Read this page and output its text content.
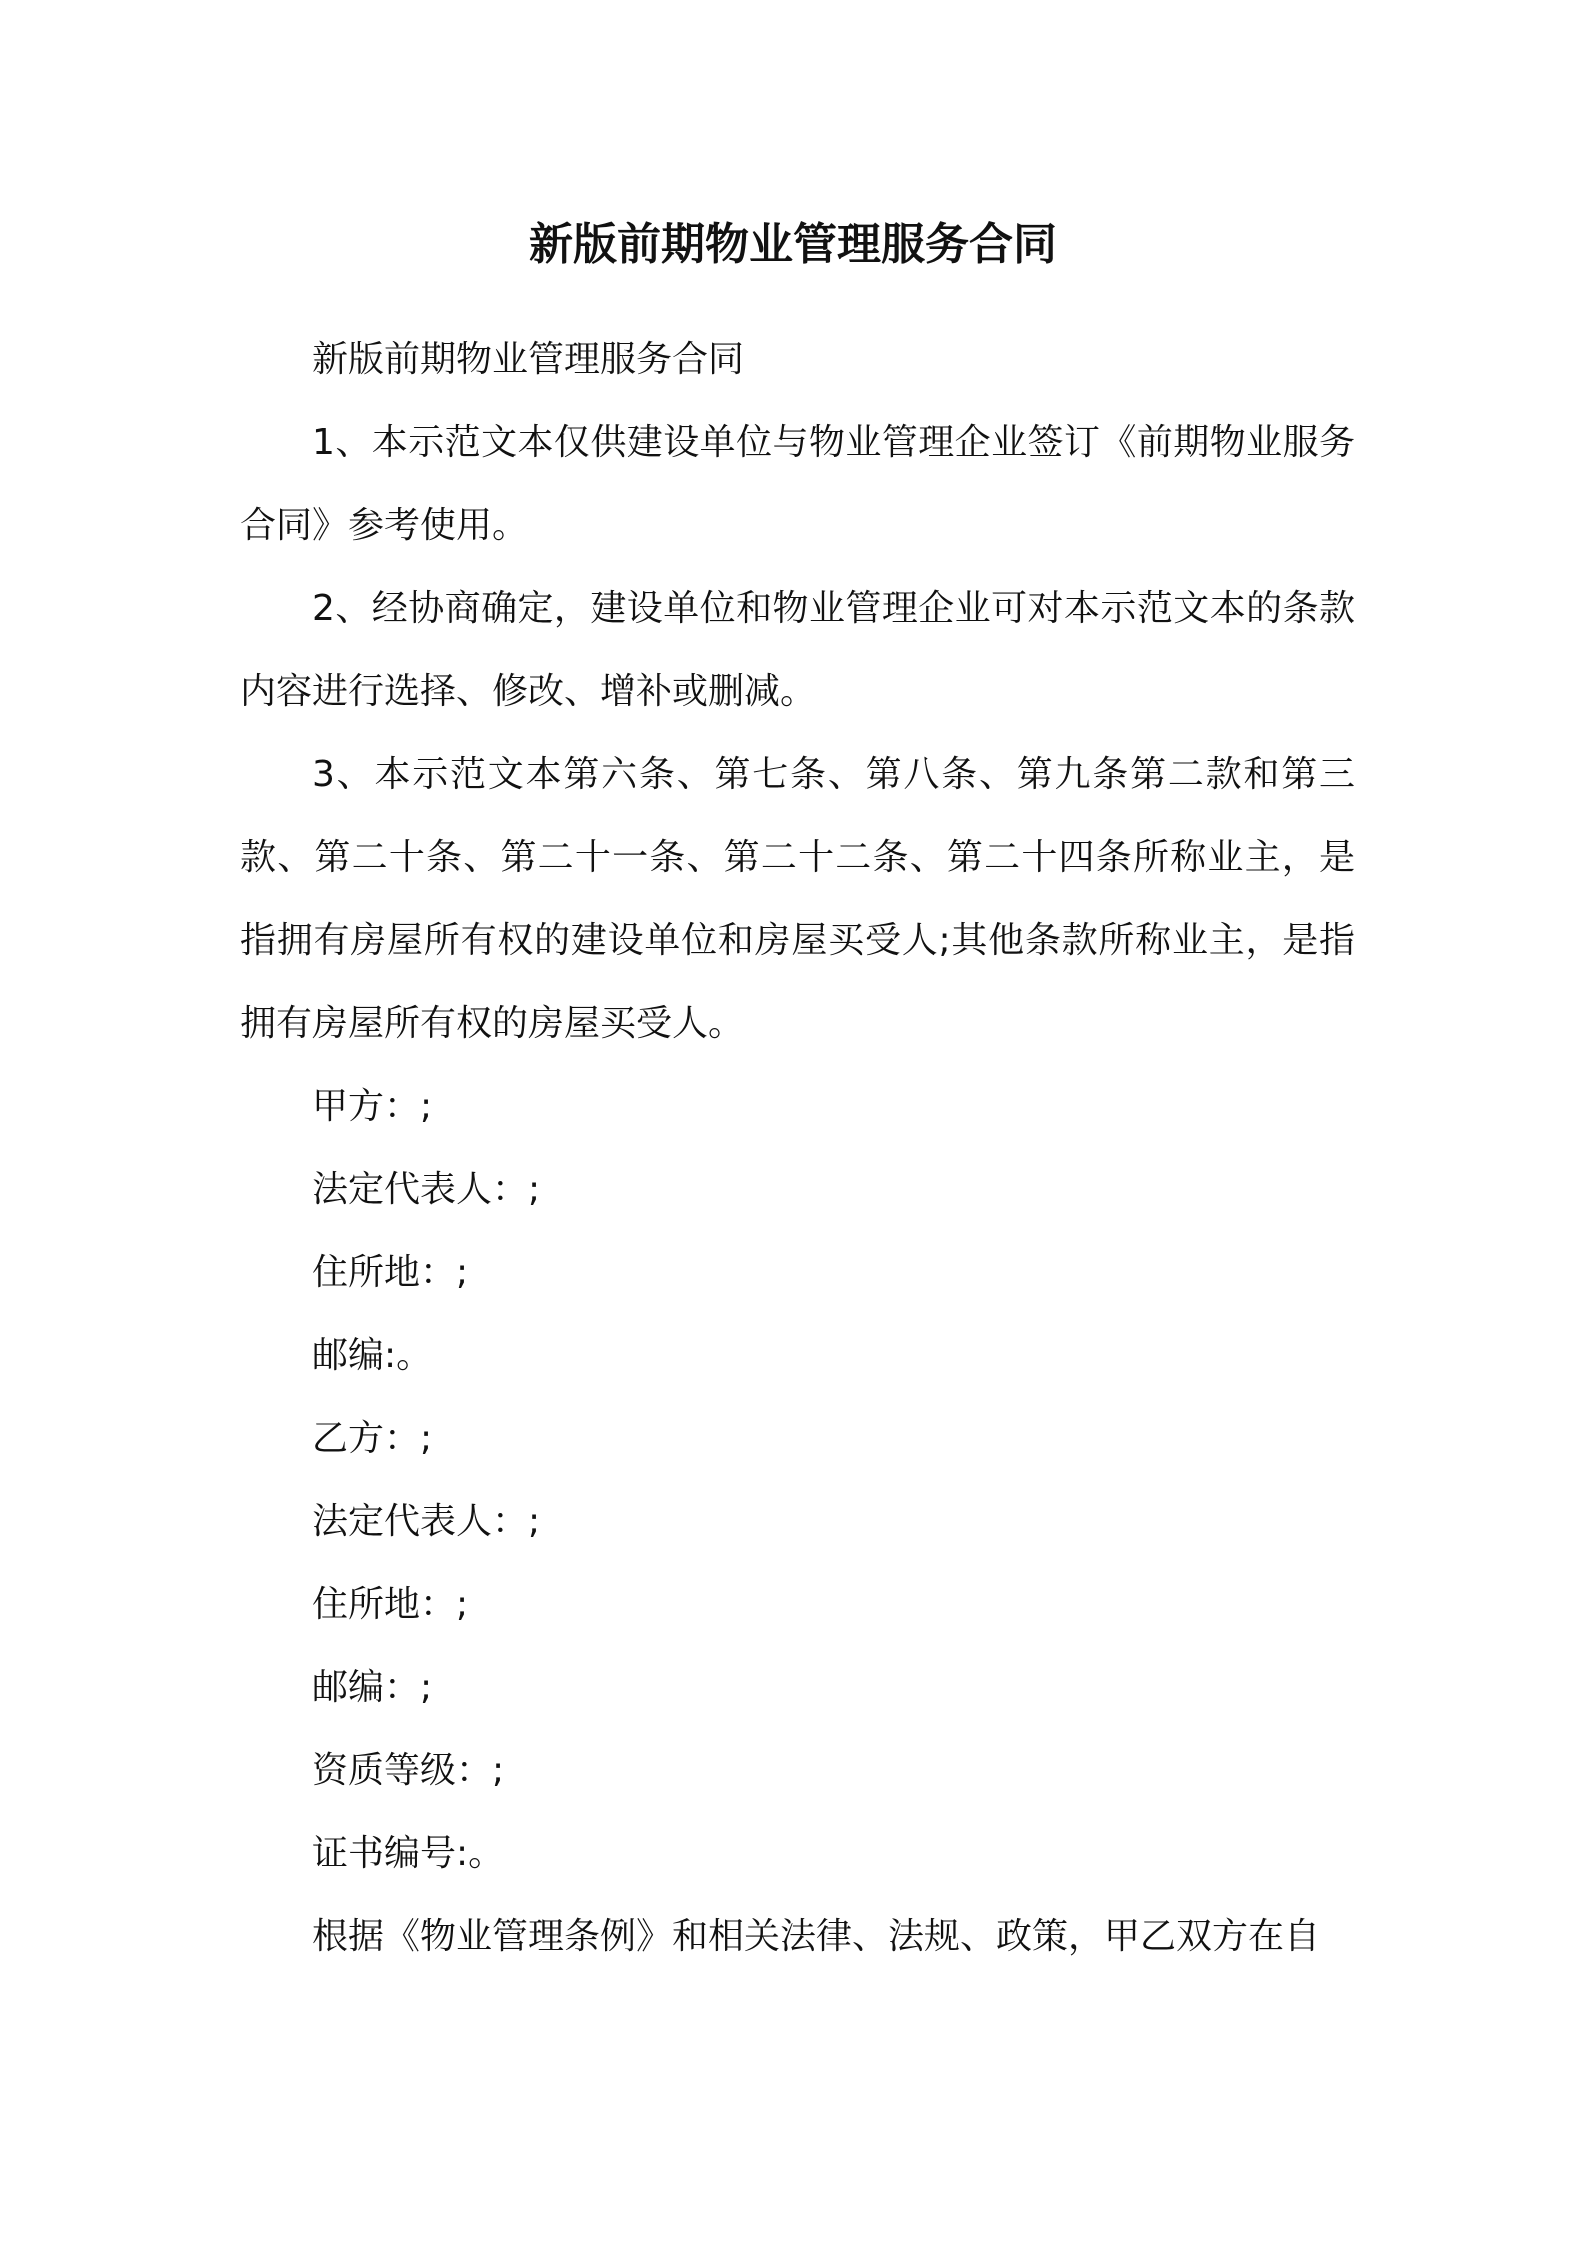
新版前期物业管理服务合同

新版前期物业管理服务合同

1、本示范文本仅供建设单位与物业管理企业签订《前期物业服务合同》参考使用。

2、经协商确定，建设单位和物业管理企业可对本示范文本的条款内容进行选择、修改、增补或删减。

3、本示范文本第六条、第七条、第八条、第九条第二款和第三款、第二十条、第二十一条、第二十二条、第二十四条所称业主，是指拥有房屋所有权的建设单位和房屋买受人;其他条款所称业主，是指拥有房屋所有权的房屋买受人。

甲方：;

法定代表人：;

住所地：;

邮编:。

乙方：;

法定代表人：;

住所地：;

邮编：;

资质等级：;

证书编号:。

根据《物业管理条例》和相关法律、法规、政策，甲乙双方在自
